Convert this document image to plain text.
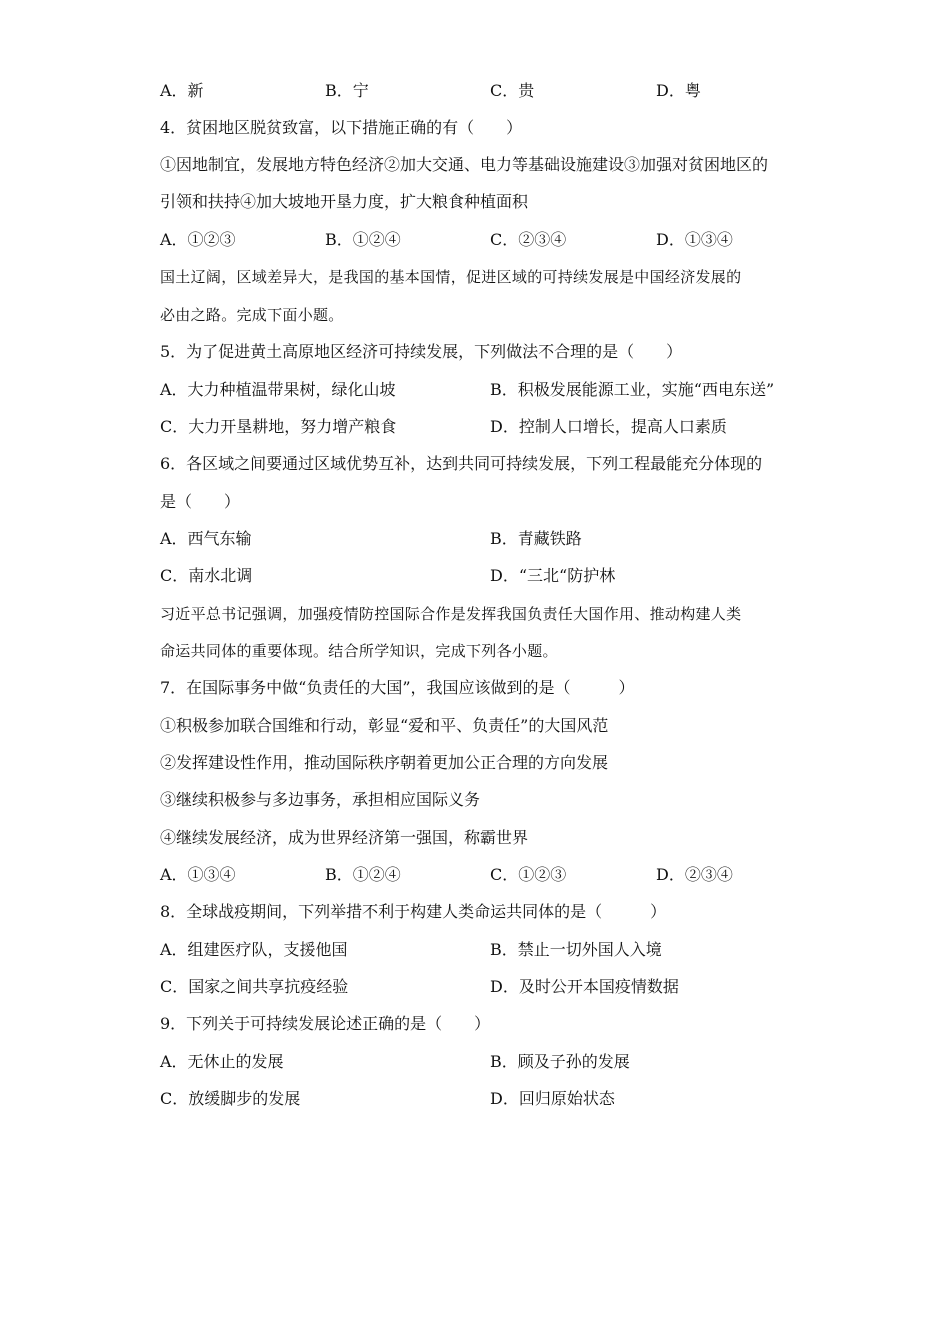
A．新	B．宁	C．贵	D．粤
4．贫困地区脱贫致富，以下措施正确的有（　　）
①因地制宜，发展地方特色经济②加大交通、电力等基础设施建设③加强对贫困地区的
引领和扶持④加大坡地开垦力度，扩大粮食种植面积
A．①②③	B．①②④	C．②③④	D．①③④
国土辽阔，区域差异大，是我国的基本国情，促进区域的可持续发展是中国经济发展的
必由之路。完成下面小题。
5．为了促进黄土高原地区经济可持续发展，下列做法不合理的是（　　）
A．大力种植温带果树，绿化山坡	B．积极发展能源工业，实施“西电东送”
C．大力开垦耕地，努力增产粮食	D．控制人口增长，提高人口素质
6．各区域之间要通过区域优势互补，达到共同可持续发展，下列工程最能充分体现的
是（　　）
A．西气东输	B．青藏铁路
C．南水北调	D．“三北“防护林
习近平总书记强调，加强疫情防控国际合作是发挥我国负责任大国作用、推动构建人类
命运共同体的重要体现。结合所学知识，完成下列各小题。
7．在国际事务中做“负责任的大国”，我国应该做到的是（　　　）
①积极参加联合国维和行动，彰显“爱和平、负责任”的大国风范
②发挥建设性作用，推动国际秩序朝着更加公正合理的方向发展
③继续积极参与多边事务，承担相应国际义务
④继续发展经济，成为世界经济第一强国，称霸世界
A．①③④	B．①②④	C．①②③	D．②③④
8．全球战疫期间，下列举措不利于构建人类命运共同体的是（　　　）
A．组建医疗队，支援他国	B．禁止一切外国人入境
C．国家之间共享抗疫经验	D．及时公开本国疫情数据
9．下列关于可持续发展论述正确的是（　　）
A．无休止的发展	B．顾及子孙的发展
C．放缓脚步的发展	D．回归原始状态
